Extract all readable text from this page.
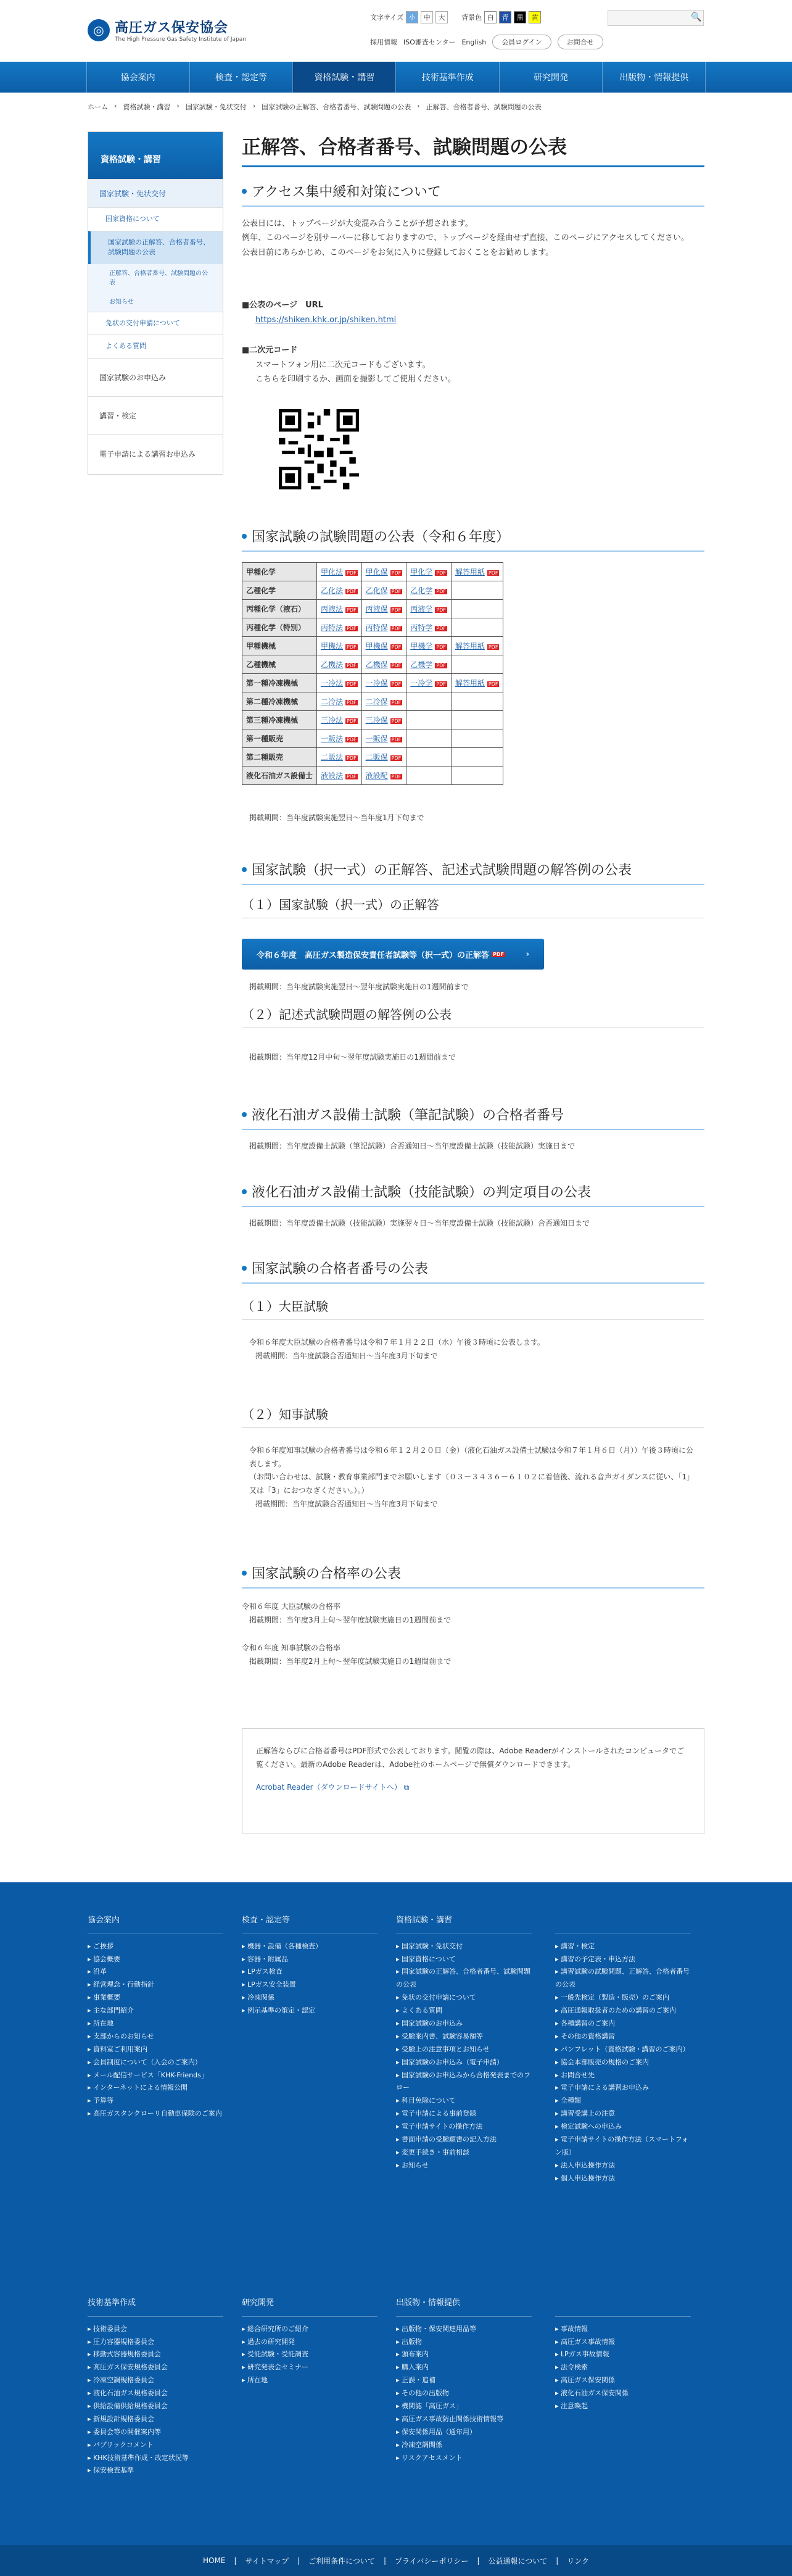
◎ 高圧ガス保安協会
The High Pressure Gas Safety Institute of Japan
文字サイズ 小	中	大	背景色 白	青	黒	黄	🔍
採用情報 ISO審査センター English	会員ログイン	お問合せ
協会案内	検査・認定等	資格試験・講習	技術基準作成	研究開発	出版物・情報提供
ホーム › 資格試験・講習 › 国家試験・免状交付 › 国家試験の正解答、合格者番号、試験問題の公表 › 正解答、合格者番号、試験問題の公表
資格試験・講習
国家試験・免状交付
国家資格について
国家試験の正解答、合格者番号、試験問題の公表
正解答、合格者番号、試験問題の公表
お知らせ
免状の交付申請について
よくある質問
国家試験のお申込み
講習・検定
電子申請による講習お申込み
正解答、合格者番号、試験問題の公表
アクセス集中緩和対策について
公表日には、トップページが大変混み合うことが予想されます。
例年、このページを別サーバーに移しておりますので、トップページを経由せず直接、このページにアクセスしてください。
公表日前にあらかじめ、このページをお気に入りに登録しておくことをお勧めします。
■公表のページ　URL
https://shiken.khk.or.jp/shiken.html
■二次元コード
スマートフォン用に二次元コードもございます。
こちらを印刷するか、画面を撮影してご使用ください。
国家試験の試験問題の公表（令和６年度）
甲種化学	甲化法 PDF	甲化保 PDF	甲化学 PDF	解答用紙 PDF
乙種化学	乙化法 PDF	乙化保 PDF	乙化学 PDF	
丙種化学（液石）	丙液法 PDF	丙液保 PDF	丙液学 PDF	
丙種化学（特別）	丙特法 PDF	丙特保 PDF	丙特学 PDF	
甲種機械	甲機法 PDF	甲機保 PDF	甲機学 PDF	解答用紙 PDF
乙種機械	乙機法 PDF	乙機保 PDF	乙機学 PDF	
第一種冷凍機械	一冷法 PDF	一冷保 PDF	一冷学 PDF	解答用紙 PDF
第二種冷凍機械	二冷法 PDF	二冷保 PDF		
第三種冷凍機械	三冷法 PDF	三冷保 PDF		
第一種販売	一販法 PDF	一販保 PDF		
第二種販売	二販法 PDF	二販保 PDF		
液化石油ガス設備士	液設法 PDF	液設配 PDF		
掲載期間：当年度試験実施翌日～当年度1月下旬まで
国家試験（択一式）の正解答、記述式試験問題の解答例の公表
（１）国家試験（択一式）の正解答
令和６年度　高圧ガス製造保安責任者試験等（択一式）の正解答 PDF	›
掲載期間：当年度試験実施翌日～翌年度試験実施日の1週間前まで
（２）記述式試験問題の解答例の公表
掲載期間：当年度12月中旬～翌年度試験実施日の1週間前まで
液化石油ガス設備士試験（筆記試験）の合格者番号
掲載期間：当年度設備士試験（筆記試験）合否通知日～当年度設備士試験（技能試験）実施日まで
液化石油ガス設備士試験（技能試験）の判定項目の公表
掲載期間：当年度設備士試験（技能試験）実施翌々日～当年度設備士試験（技能試験）合否通知日まで
国家試験の合格者番号の公表
（１）大臣試験
令和６年度大臣試験の合格者番号は令和７年１月２２日（水）午後３時頃に公表します。
掲載期間：当年度試験合否通知日～当年度3月下旬まで
（２）知事試験
令和６年度知事試験の合格者番号は令和６年１２月２０日（金）（液化石油ガス設備士試験は令和７年１月６日（月））午後３時頃に公表します。
（お問い合わせは、試験・教育事業部門までお願いします（０３－３４３６－６１０２に着信後、流れる音声ガイダンスに従い、「1」又は「3」におつなぎください。）。）
掲載期間：当年度試験合否通知日～当年度3月下旬まで
国家試験の合格率の公表
令和６年度 大臣試験の合格率
掲載期間：当年度3月上旬～翌年度試験実施日の1週間前まで
令和６年度 知事試験の合格率
掲載期間：当年度2月上旬～翌年度試験実施日の1週間前まで
正解答ならびに合格者番号はPDF形式で公表しております。閲覧の際は、Adobe Readerがインストールされたコンピュータでご覧ください。最新のAdobe Readerは、Adobe社のホームページで無償ダウンロードできます。
Acrobat Reader（ダウンロードサイトへ） ⧉
協会案内
▸ ご挨拶
▸ 協会概要
▸ 沿革
▸ 経営理念・行動指針
▸ 事業概要
▸ 主な部門紹介
▸ 所在地
▸ 支部からのお知らせ
▸ 資料室ご利用案内
▸ 会員制度について（入会のご案内）
▸ メール配信サービス「KHK-Friends」
▸ インターネットによる情報公開
▸ 予算等
▸ 高圧ガスタンクローリ自動車保険のご案内
検査・認定等
▸ 機器・設備（各種検査）
▸ 容器・附属品
▸ LPガス検査
▸ LPガス安全装置
▸ 冷凍関係
▸ 例示基準の策定・認定
資格試験・講習
▸ 国家試験・免状交付
▸ 国家資格について
▸ 国家試験の正解答、合格者番号、試験問題の公表
▸ 免状の交付申請について
▸ よくある質問
▸ 国家試験のお申込み
▸ 受験案内書、試験容易額等
▸ 受験上の注意事項とお知らせ
▸ 国家試験のお申込み（電子申請）
▸ 国家試験のお申込みから合格発表までのフロー
▸ 科目免除について
▸ 電子申請による事前登録
▸ 電子申請サイトの操作方法
▸ 書面申請の受験願書の記入方法
▸ 変更手続き・事前相談
▸ お知らせ

▸ 講習・検定
▸ 講習の予定表・申込方法
▸ 講習試験の試験問題、正解答、合格者番号の公表
▸ 一般先検定（製造・販売）のご案内
▸ 高圧通報取扱者のための講習のご案内
▸ 各種講習のご案内
▸ その他の資格講習
▸ パンフレット（資格試験・講習のご案内）
▸ 協会本部販売の規格のご案内
▸ お問合せ先
▸ 電子申請による講習お申込み
▸ 全種類
▸ 講習受講上の注意
▸ 検定試験への申込み
▸ 電子申請サイトの操作方法（スマートフォン版）
▸ 法人申込操作方法
▸ 個人申込操作方法
技術基準作成
▸ 技術委員会
▸ 圧力容器規格委員会
▸ 移動式容器規格委員会
▸ 高圧ガス保安規格委員会
▸ 冷凍空調規格委員会
▸ 液化石油ガス規格委員会
▸ 供給設備供給規格委員会
▸ 新規設計規格委員会
▸ 委員会等の開催案内等
▸ パブリックコメント
▸ KHK技術基準作成・改定状況等
▸ 保安検査基準
研究開発
▸ 総合研究所のご紹介
▸ 過去の研究開発
▸ 受託試験・受託調査
▸ 研究発表会セミナー
▸ 所在地
出版物・情報提供
▸ 出版物・保安関連用品等
▸ 出版物
▸ 頒布案内
▸ 購入案内
▸ 正誤・追補
▸ その他の出版物
▸ 機関誌「高圧ガス」
▸ 高圧ガス事故防止関係技術情報等
▸ 保安関係用品（通年用）
▸ 冷凍空調関係
▸ リスクアセスメント

▸ 事故情報
▸ 高圧ガス事故情報
▸ LPガス事故情報
▸ 法令検索
▸ 高圧ガス保安関係
▸ 液化石油ガス保安関係
▸ 注意喚起
HOME | サイトマップ | ご利用条件について | プライバシーポリシー | 公益通報について | リンク
